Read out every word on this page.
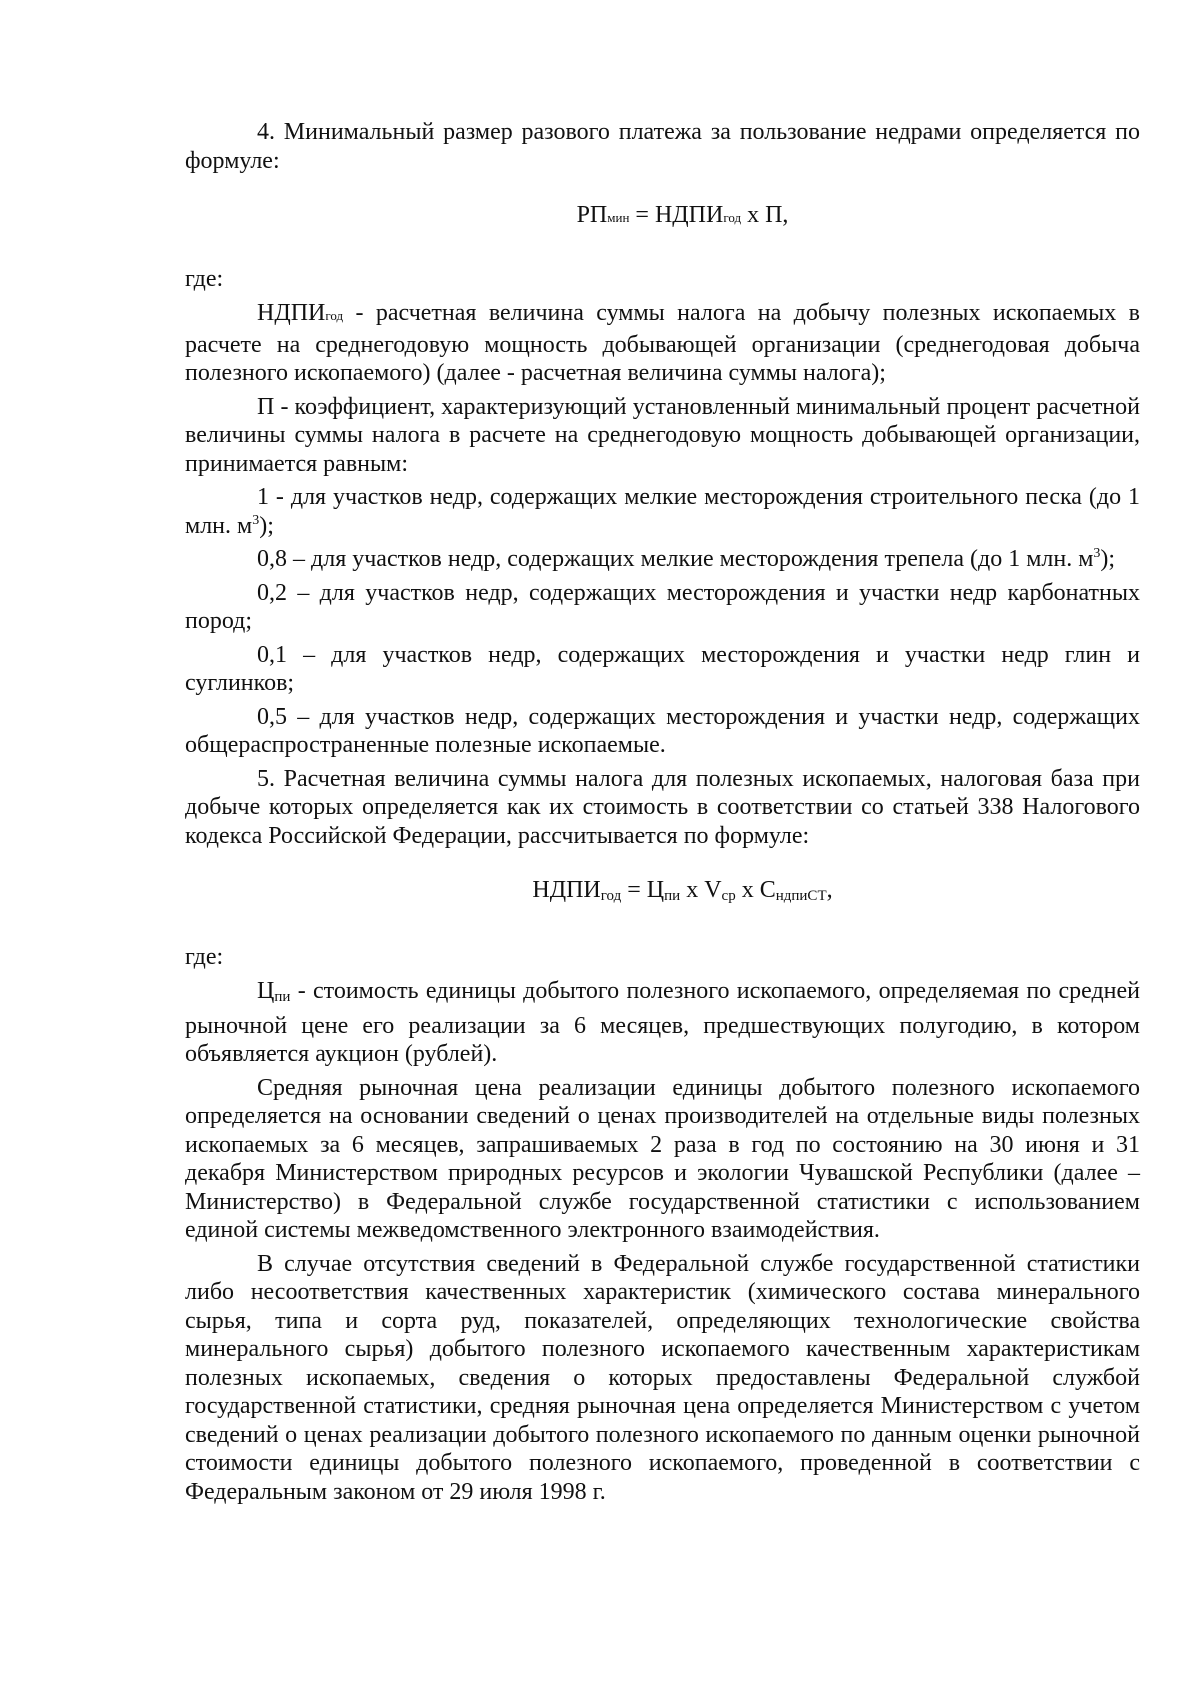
4. Минимальный размер разового платежа за пользование недрами определяется по формуле:

РПмин = НДПИгод х П,

где:

НДПИгод - расчетная величина суммы налога на добычу полезных ископаемых в расчете на среднегодовую мощность добывающей организации (среднегодовая добыча полезного ископаемого) (далее - расчетная величина суммы налога);

П - коэффициент, характеризующий установленный минимальный процент расчетной величины суммы налога в расчете на среднегодовую мощность добывающей организации, принимается равным:

1 - для участков недр, содержащих мелкие месторождения строительного песка (до 1 млн. $м^3$);

0,8 – для участков недр, содержащих мелкие месторождения трепела (до 1 млн. $м^3$);

0,2 – для участков недр, содержащих месторождения и участки недр карбонатных пород;

0,1 – для участков недр, содержащих месторождения и участки недр глин и суглинков;

0,5 – для участков недр, содержащих месторождения и участки недр, содержащих общераспространенные полезные ископаемые.

5. Расчетная величина суммы налога для полезных ископаемых, налоговая база при добыче которых определяется как их стоимость в соответствии со статьей 338 Налогового кодекса Российской Федерации, рассчитывается по формуле:

$НДПИ_{год} = Ц_{пи}$ х $V_{ср}$ х $С_{ндпиСТ}$,

где:

$Ц_{пи}$ - стоимость единицы добытого полезного ископаемого, определяемая по средней рыночной цене его реализации за 6 месяцев, предшествующих полугодию, в котором объявляется аукцион (рублей).

Средняя рыночная цена реализации единицы добытого полезного ископаемого определяется на основании сведений о ценах производителей на отдельные виды полезных ископаемых за 6 месяцев, запрашиваемых 2 раза в год по состоянию на 30 июня и 31 декабря Министерством природных ресурсов и экологии Чувашской Республики (далее – Министерство) в Федеральной службе государственной статистики с использованием единой системы межведомственного электронного взаимодействия.

В случае отсутствия сведений в Федеральной службе государственной статистики либо несоответствия качественных характеристик (химического состава минерального сырья, типа и сорта руд, показателей, определяющих технологические свойства минерального сырья) добытого полезного ископаемого качественным характеристикам полезных ископаемых, сведения о которых предоставлены Федеральной службой государственной статистики, средняя рыночная цена определяется Министерством с учетом сведений о ценах реализации добытого полезного ископаемого по данным оценки рыночной стоимости единицы добытого полезного ископаемого, проведенной в соответствии с Федеральным законом от 29 июля 1998 г.
